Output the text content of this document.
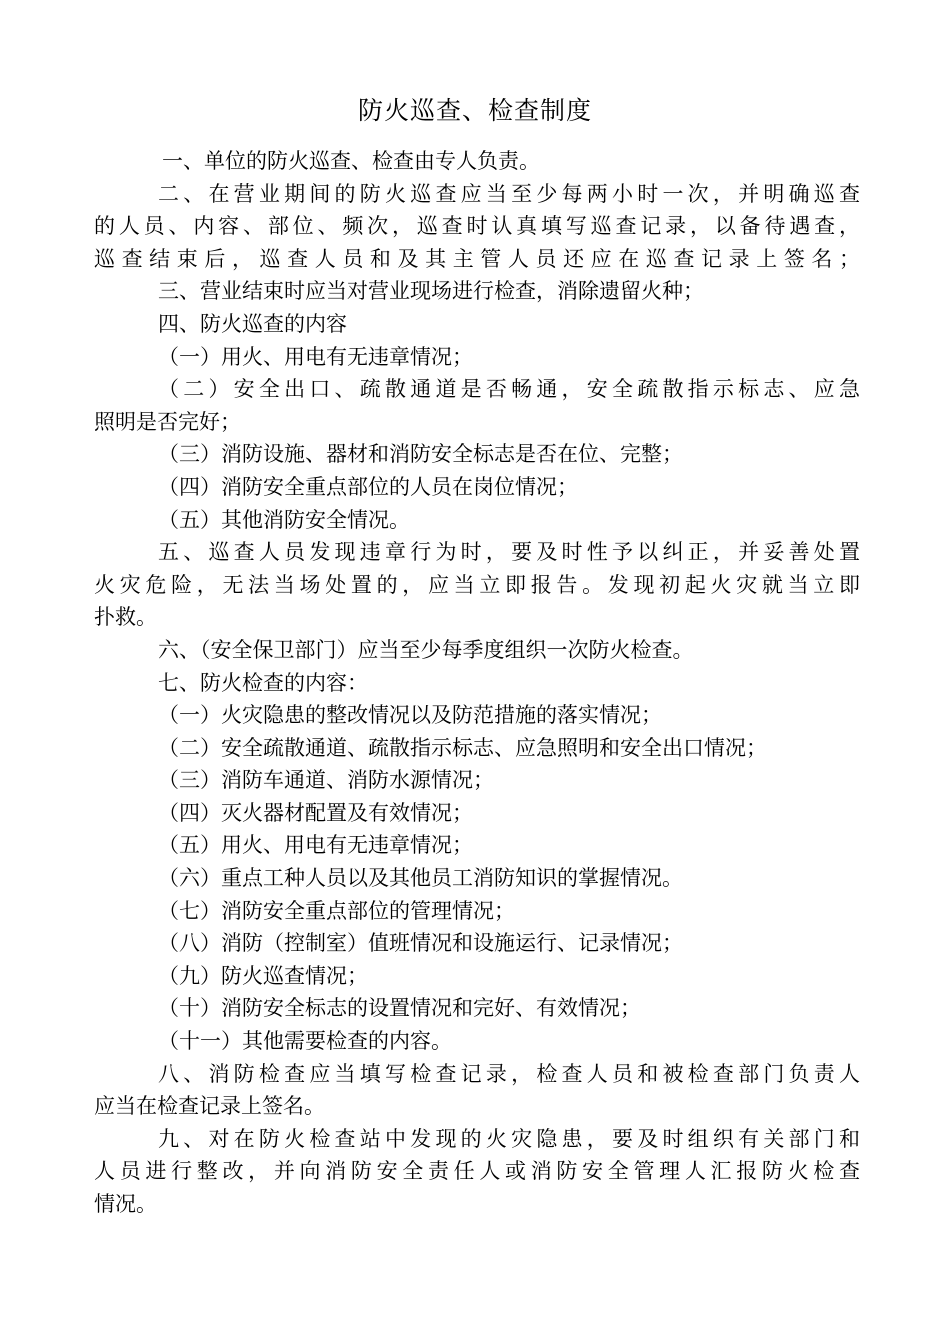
防火巡查、检查制度
一、单位的防火巡查、检查由专人负责。
二、在营业期间的防火巡查应当至少每两小时一次，并明确巡查
的人员、内容、部位、频次，巡查时认真填写巡查记录，以备待遇查，
巡查结束后，巡查人员和及其主管人员还应在巡查记录上签名；
三、营业结束时应当对营业现场进行检查，消除遗留火种；
四、防火巡查的内容
（一）用火、用电有无违章情况；
（二）安全出口、疏散通道是否畅通，安全疏散指示标志、应急
照明是否完好；
（三）消防设施、器材和消防安全标志是否在位、完整；
（四）消防安全重点部位的人员在岗位情况；
（五）其他消防安全情况。
五、巡查人员发现违章行为时，要及时性予以纠正，并妥善处置
火灾危险，无法当场处置的，应当立即报告。发现初起火灾就当立即
扑救。
六、（安全保卫部门）应当至少每季度组织一次防火检查。
七、防火检查的内容：
（一）火灾隐患的整改情况以及防范措施的落实情况；
（二）安全疏散通道、疏散指示标志、应急照明和安全出口情况；
（三）消防车通道、消防水源情况；
（四）灭火器材配置及有效情况；
（五）用火、用电有无违章情况；
（六）重点工种人员以及其他员工消防知识的掌握情况。
（七）消防安全重点部位的管理情况；
（八）消防（控制室）值班情况和设施运行、记录情况；
（九）防火巡查情况；
（十）消防安全标志的设置情况和完好、有效情况；
（十一）其他需要检查的内容。
八、消防检查应当填写检查记录，检查人员和被检查部门负责人
应当在检查记录上签名。
九、对在防火检查站中发现的火灾隐患，要及时组织有关部门和
人员进行整改，并向消防安全责任人或消防安全管理人汇报防火检查
情况。
